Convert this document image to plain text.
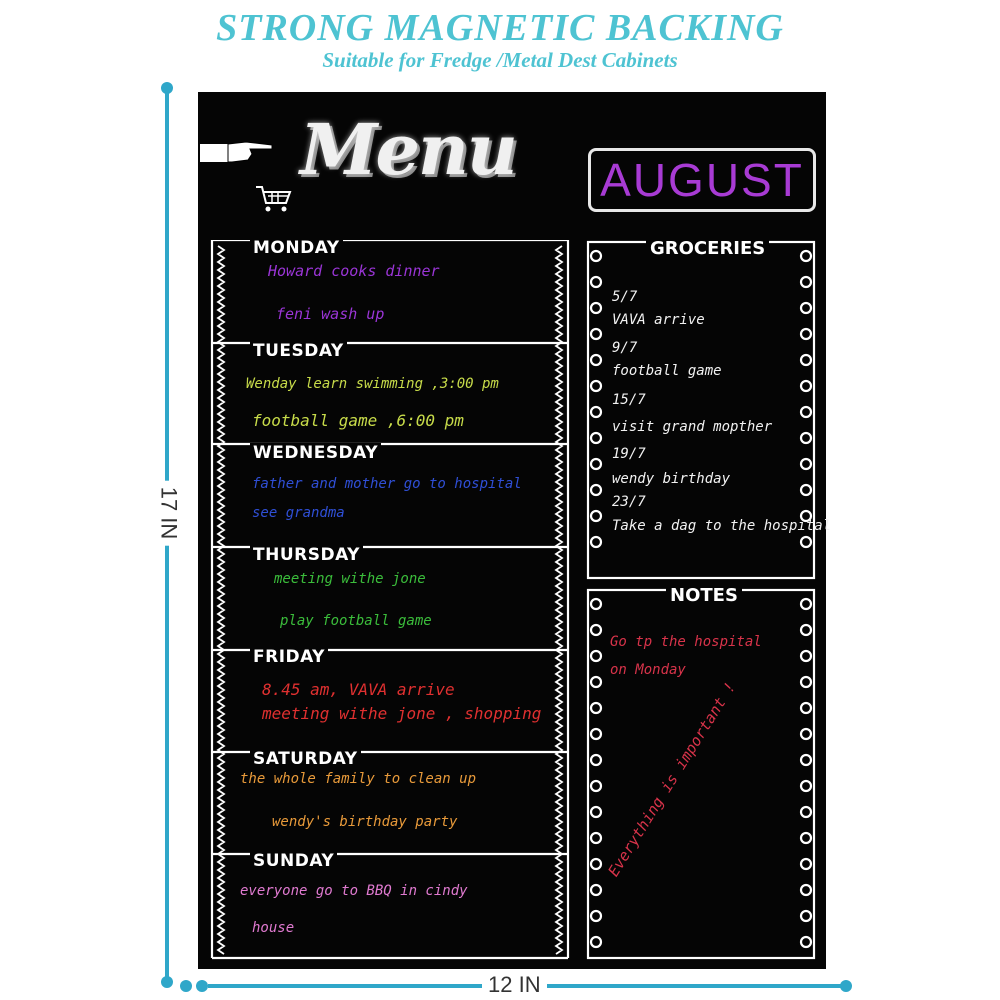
STRONG MAGNETIC BACKING
Suitable for Fredge /Metal Dest Cabinets
17 IN
12 IN
Menu AUGUST
MONDAY
Howard cooks dinner
feni wash up
TUESDAY
Wenday learn swimming ,3:00 pm
football game ,6:00 pm
WEDNESDAY
father and mother go to hospital
see grandma
THURSDAY
meeting withe jone
play football game
FRIDAY
8.45 am, VAVA arrive
meeting withe jone , shopping
SATURDAY
the whole family to clean up
wendy's birthday party
SUNDAY
everyone go to BBQ in cindy
house
GROCERIES
5/7
VAVA arrive
9/7
football game
15/7
visit grand mopther
19/7
wendy birthday
23/7
Take a dag to the hospital
NOTES
Go tp the hospital
on Monday
Everything is important !
